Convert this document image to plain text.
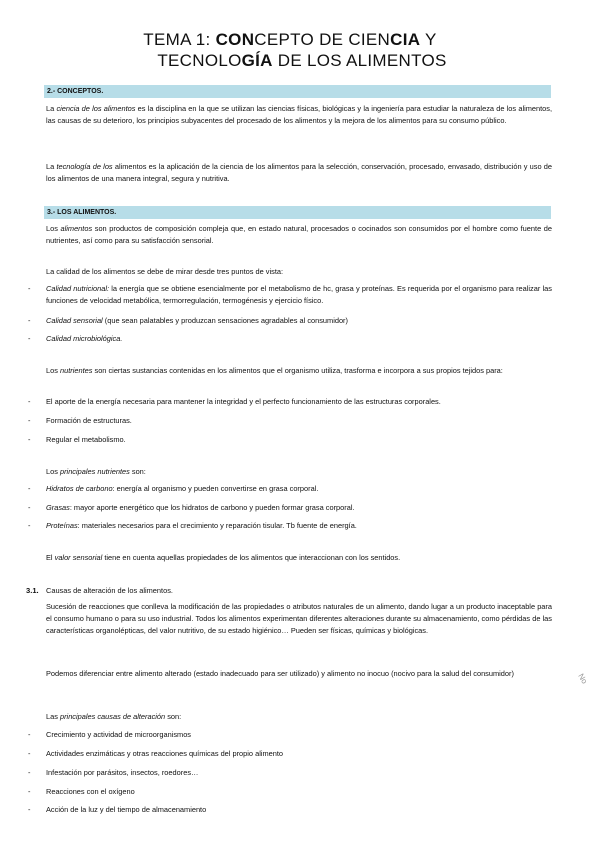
TEMA 1: CONCEPTO DE CIENCIA Y
TECNOLOGÍA DE LOS ALIMENTOS
2.- CONCEPTOS.
La ciencia de los alimentos es la disciplina en la que se utilizan las ciencias físicas, biológicas y la ingeniería para estudiar la naturaleza de los alimentos, las causas de su deterioro, los principios subyacentes del procesado de los alimentos y la mejora de los alimentos para su consumo público.
La tecnología de los alimentos es la aplicación de la ciencia de los alimentos para la selección, conservación, procesado, envasado, distribución y uso de los alimentos de una manera integral, segura y nutritiva.
3.- LOS ALIMENTOS.
Los alimentos son productos de composición compleja que, en estado natural, procesados o cocinados son consumidos por el hombre como fuente de nutrientes, así como para su satisfacción sensorial.
La calidad de los alimentos se debe de mirar desde tres puntos de vista:
- Calidad nutricional: la energía que se obtiene esencialmente por el metabolismo de hc, grasa y proteínas. Es requerida por el organismo para realizar las funciones de velocidad metabólica, termorregulación, termogénesis y ejercicio físico.
- Calidad sensorial (que sean palatables y produzcan sensaciones agradables al consumidor)
- Calidad microbiológica.
Los nutrientes son ciertas sustancias contenidas en los alimentos que el organismo utiliza, trasforma e incorpora a sus propios tejidos para:
- El aporte de la energía necesaria para mantener la integridad y el perfecto funcionamiento de las estructuras corporales.
- Formación de estructuras.
- Regular el metabolismo.
Los principales nutrientes son:
- Hidratos de carbono: energía al organismo y pueden convertirse en grasa corporal.
- Grasas: mayor aporte energético que los hidratos de carbono y pueden formar grasa corporal.
- Proteínas: materiales necesarios para el crecimiento y reparación tisular. Tb fuente de energía.
El valor sensorial tiene en cuenta aquellas propiedades de los alimentos que interaccionan con los sentidos.
3.1. Causas de alteración de los alimentos.
Sucesión de reacciones que conlleva la modificación de las propiedades o atributos naturales de un alimento, dando lugar a un producto inaceptable para el consumo humano o para su uso industrial. Todos los alimentos experimentan diferentes alteraciones durante su almacenamiento, como pérdidas de las características organolépticas, del valor nutritivo, de su estado higiénico… Pueden ser físicas, químicas y biológicas.
Podemos diferenciar entre alimento alterado (estado inadecuado para ser utilizado) y alimento no inocuo (nocivo para la salud del consumidor)
Las principales causas de alteración son:
- Crecimiento y actividad de microorganismos
- Actividades enzimáticas y otras reacciones químicas del propio alimento
- Infestación por parásitos, insectos, roedores…
- Reacciones con el oxígeno
- Acción de la luz y del tiempo de almacenamiento
No
